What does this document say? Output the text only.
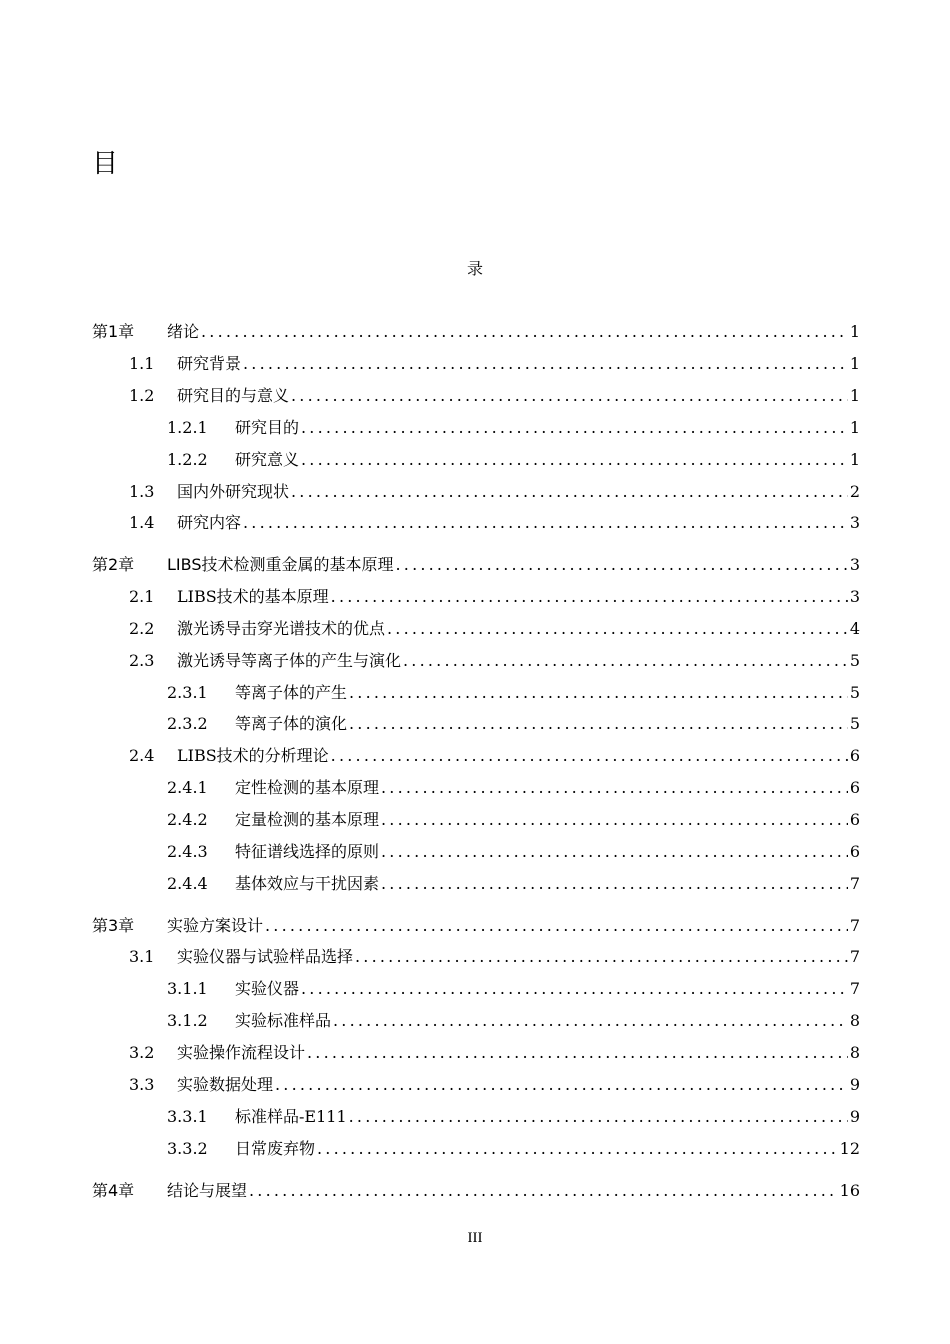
目
录
第1章	绪论 .....	1
1.1	研究背景 .....	1
1.2	研究目的与意义 .....	1
1.2.1	研究目的 .....	1
1.2.2	研究意义 .....	1
1.3	国内外研究现状 .....	2
1.4	研究内容 .....	3
第2章	LIBS技术检测重金属的基本原理 .....	3
2.1	LIBS技术的基本原理 .....	3
2.2	激光诱导击穿光谱技术的优点 .....	4
2.3	激光诱导等离子体的产生与演化 .....	5
2.3.1	等离子体的产生 .....	5
2.3.2	等离子体的演化 .....	5
2.4	LIBS技术的分析理论 .....	6
2.4.1	定性检测的基本原理 .....	6
2.4.2	定量检测的基本原理 .....	6
2.4.3	特征谱线选择的原则 .....	6
2.4.4	基体效应与干扰因素 .....	7
第3章	实验方案设计 .....	7
3.1	实验仪器与试验样品选择 .....	7
3.1.1	实验仪器 .....	7
3.1.2	实验标准样品 .....	8
3.2	实验操作流程设计 .....	8
3.3	实验数据处理 .....	9
3.3.1	标准样品-E111 .....	9
3.3.2	日常废弃物 .....	12
第4章	结论与展望 .....	16
III
